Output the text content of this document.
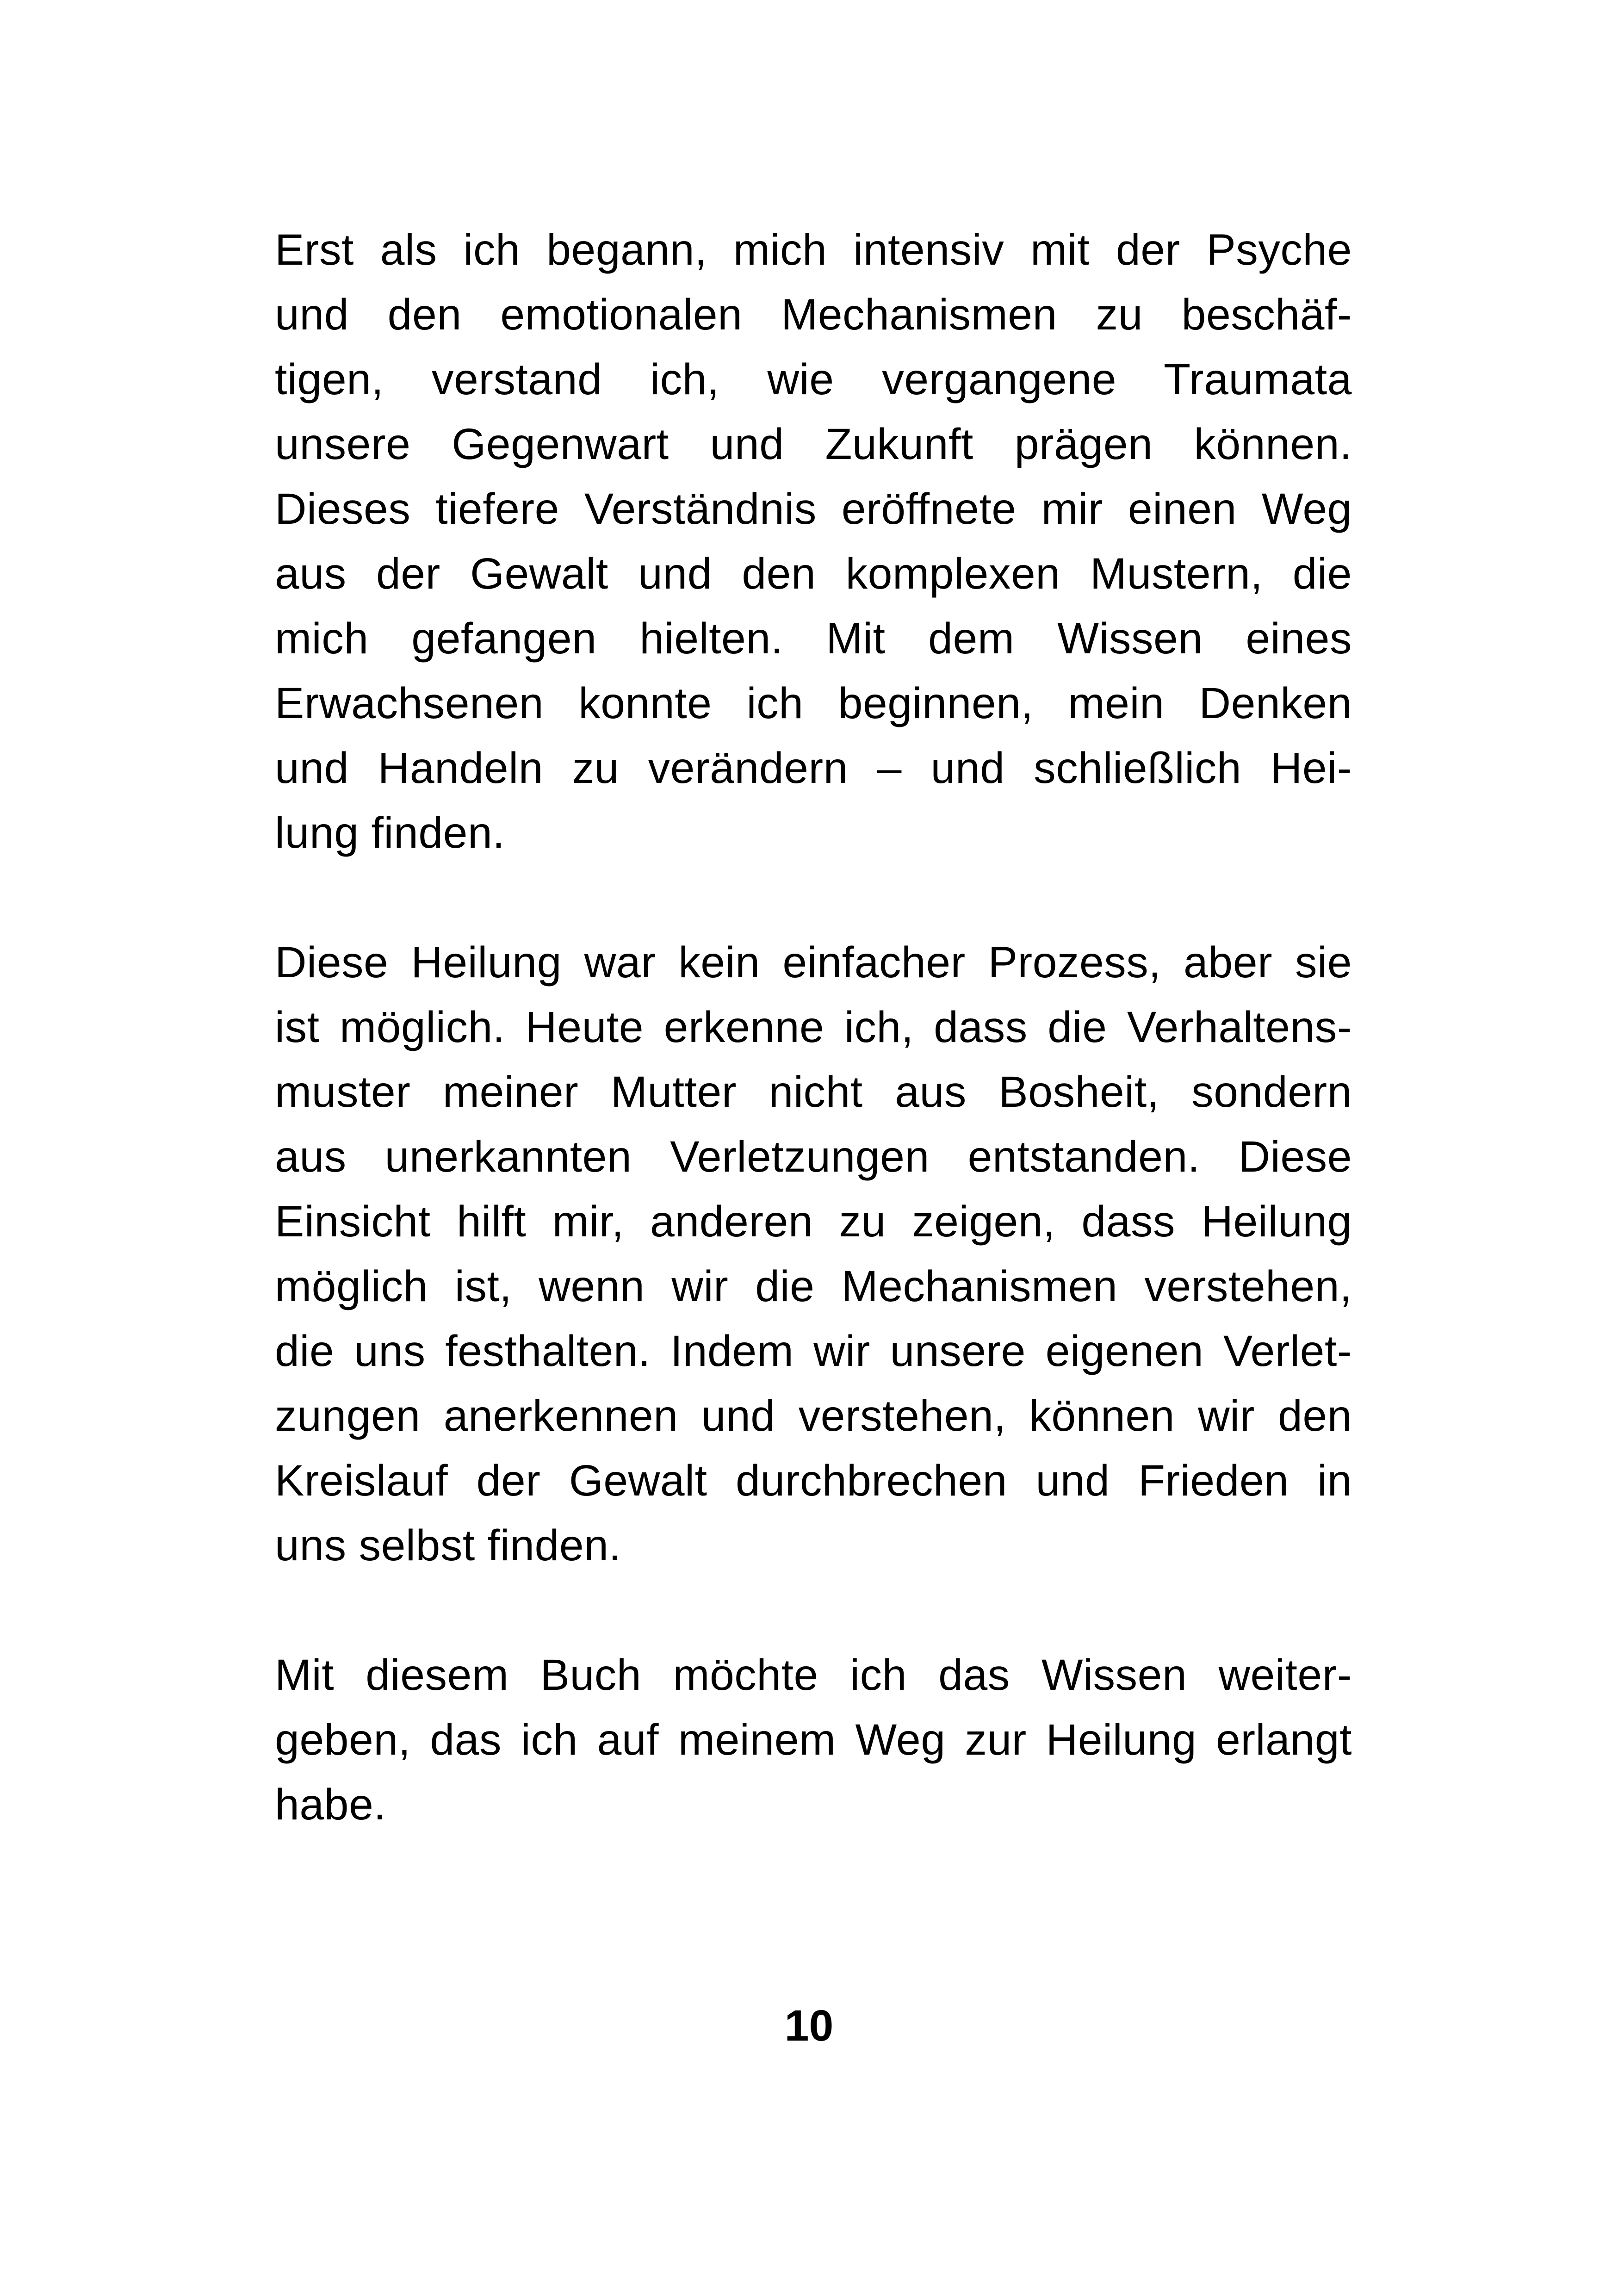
Erst als ich begann, mich intensiv mit der Psyche
und den emotionalen Mechanismen zu beschäf-
tigen, verstand ich, wie vergangene Traumata
unsere Gegenwart und Zukunft prägen können.
Dieses tiefere Verständnis eröffnete mir einen Weg
aus der Gewalt und den komplexen Mustern, die
mich gefangen hielten. Mit dem Wissen eines
Erwachsenen konnte ich beginnen, mein Denken
und Handeln zu verändern – und schließlich Hei-
lung finden.

Diese Heilung war kein einfacher Prozess, aber sie
ist möglich. Heute erkenne ich, dass die Verhaltens-
muster meiner Mutter nicht aus Bosheit, sondern
aus unerkannten Verletzungen entstanden. Diese
Einsicht hilft mir, anderen zu zeigen, dass Heilung
möglich ist, wenn wir die Mechanismen verstehen,
die uns festhalten. Indem wir unsere eigenen Verlet-
zungen anerkennen und verstehen, können wir den
Kreislauf der Gewalt durchbrechen und Frieden in
uns selbst finden.

Mit diesem Buch möchte ich das Wissen weiter-
geben, das ich auf meinem Weg zur Heilung erlangt
habe.

10
